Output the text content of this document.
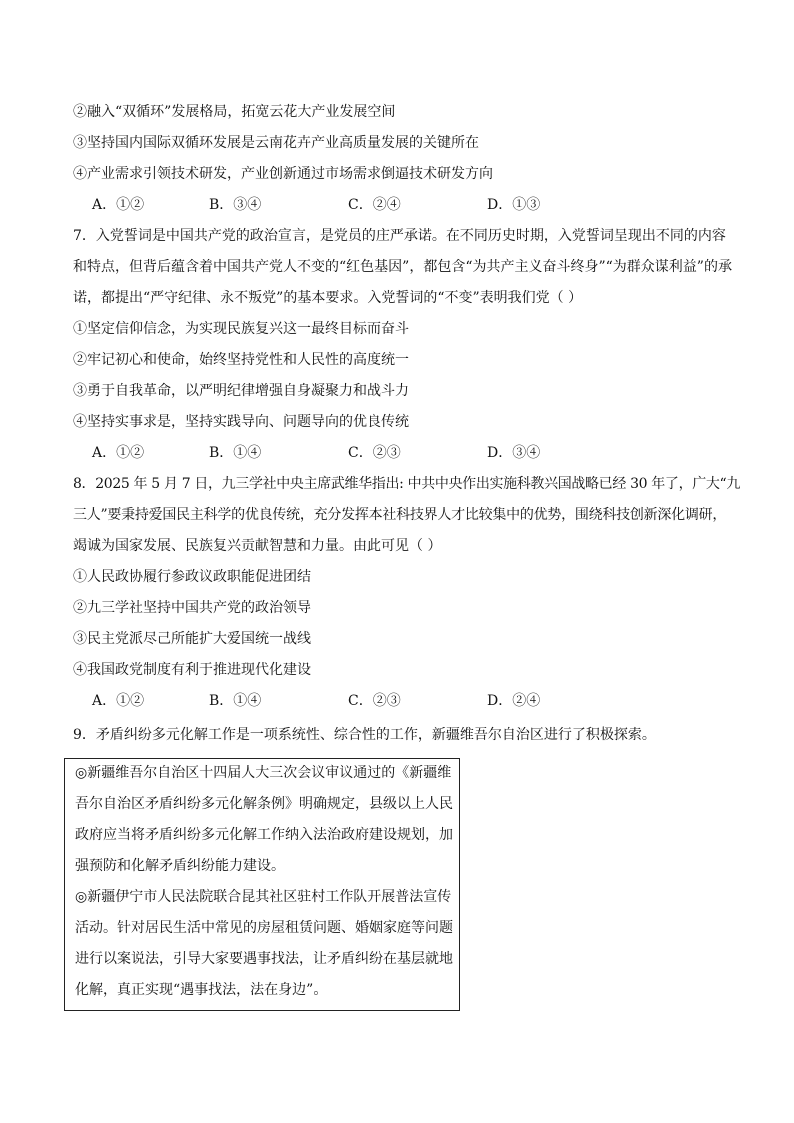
②融入“双循环”发展格局，拓宽云花大产业发展空间
③坚持国内国际双循环发展是云南花卉产业高质量发展的关键所在
④产业需求引领技术研发，产业创新通过市场需求倒逼技术研发方向
A．①②	B．③④	C．②④	D．①③
7．入党誓词是中国共产党的政治宣言，是党员的庄严承诺。在不同历史时期，入党誓词呈现出不同的内容
和特点，但背后蕴含着中国共产党人不变的“红色基因”，都包含“为共产主义奋斗终身”“为群众谋利益”的承
诺，都提出“严守纪律、永不叛党”的基本要求。入党誓词的“不变”表明我们党（ ）
①坚定信仰信念，为实现民族复兴这一最终目标而奋斗
②牢记初心和使命，始终坚持党性和人民性的高度统一
③勇于自我革命，以严明纪律增强自身凝聚力和战斗力
④坚持实事求是，坚持实践导向、问题导向的优良传统
A．①②	B．①④	C．②③	D．③④
8．2025 年 5 月 7 日，九三学社中央主席武维华指出: 中共中央作出实施科教兴国战略已经 30 年了，广大“九
三人”要秉持爱国民主科学的优良传统，充分发挥本社科技界人才比较集中的优势，围绕科技创新深化调研，
竭诚为国家发展、民族复兴贡献智慧和力量。由此可见（ ）
①人民政协履行参政议政职能促进团结
②九三学社坚持中国共产党的政治领导
③民主党派尽己所能扩大爱国统一战线
④我国政党制度有利于推进现代化建设
A．①②	B．①④	C．②③	D．②④
9．矛盾纠纷多元化解工作是一项系统性、综合性的工作，新疆维吾尔自治区进行了积极探索。
◎新疆维吾尔自治区十四届人大三次会议审议通过的《新疆维
吾尔自治区矛盾纠纷多元化解条例》明确规定，县级以上人民
政府应当将矛盾纠纷多元化解工作纳入法治政府建设规划，加
强预防和化解矛盾纠纷能力建设。
◎新疆伊宁市人民法院联合昆其社区驻村工作队开展普法宣传
活动。针对居民生活中常见的房屋租赁问题、婚姻家庭等问题
进行以案说法，引导大家要遇事找法，让矛盾纠纷在基层就地
化解，真正实现“遇事找法，法在身边”。
